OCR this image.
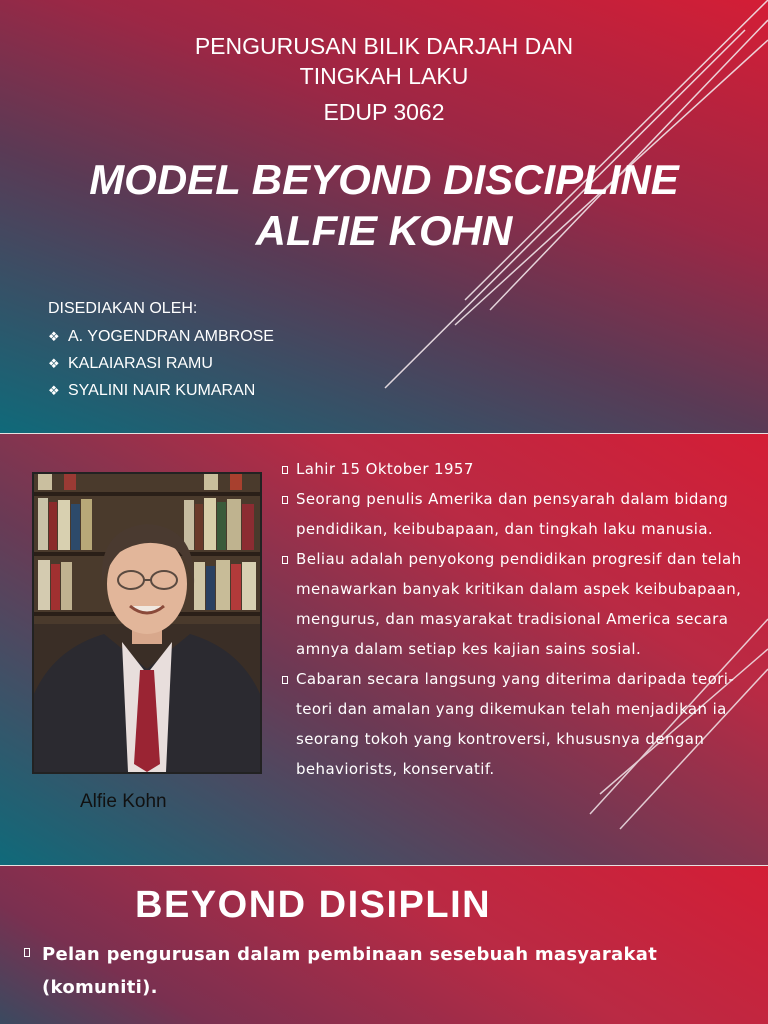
PENGURUSAN BILIK DARJAH DAN
TINGKAH LAKU
EDUP 3062
MODEL BEYOND DISCIPLINE
ALFIE KOHN
DISEDIAKAN OLEH:
❖ A. YOGENDRAN AMBROSE
❖ KALAIARASI RAMU
❖ SYALINI NAIR KUMARAN
Alfie Kohn
Lahir 15 Oktober 1957
Seorang penulis Amerika dan pensyarah dalam bidang pendidikan, keibubapaan, dan tingkah laku manusia.
Beliau adalah penyokong pendidikan progresif dan telah menawarkan banyak kritikan dalam aspek keibubapaan, mengurus, dan masyarakat tradisional America secara amnya dalam setiap kes kajian sains sosial.
Cabaran secara langsung yang diterima daripada teori-teori dan amalan yang dikemukan telah menjadikan ia seorang tokoh yang kontroversi, khususnya dengan behaviorists, konservatif.
BEYOND DISIPLIN
Pelan pengurusan dalam pembinaan sesebuah masyarakat (komuniti).
